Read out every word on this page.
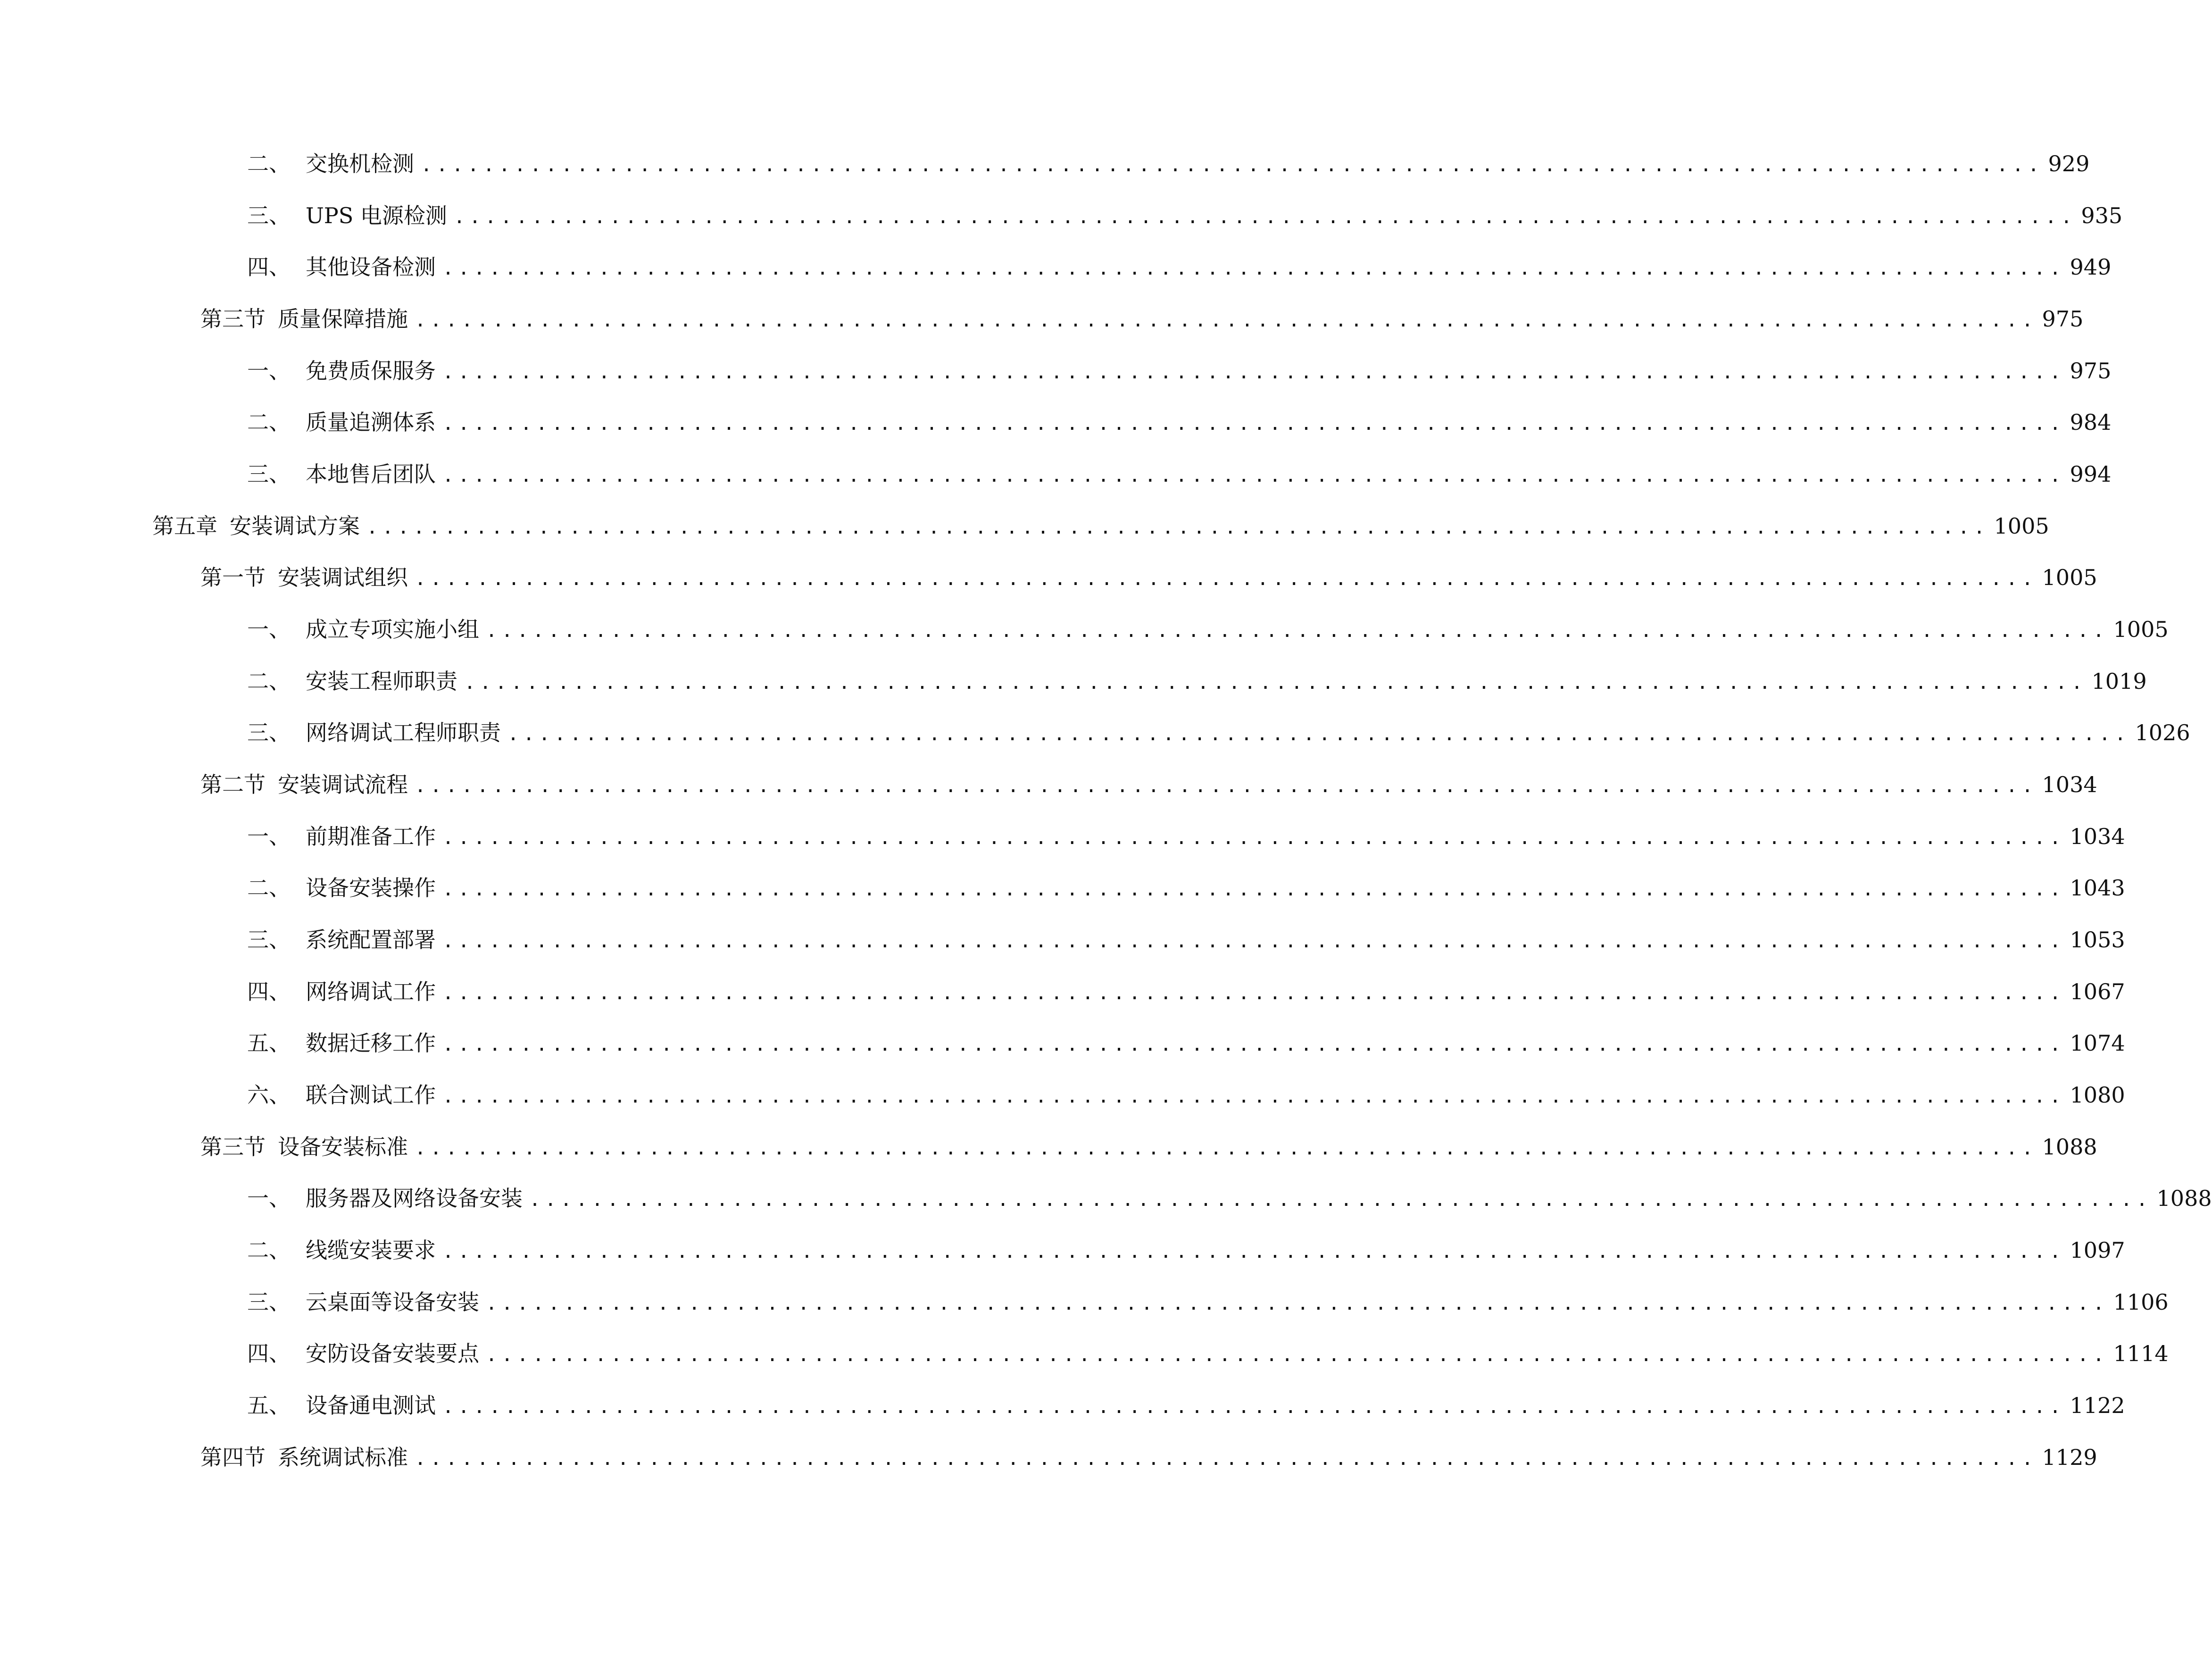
二、 交换机检测 ........................................................................................................ 929
三、 UPS 电源检测 ........................................................................................................ 935
四、 其他设备检测 ........................................................................................................ 949
第三节 质量保障措施 ........................................................................................................ 975
一、 免费质保服务 ........................................................................................................ 975
二、 质量追溯体系 ........................................................................................................ 984
三、 本地售后团队 ........................................................................................................ 994
第五章 安装调试方案 ........................................................................................................ 1005
第一节 安装调试组织 ........................................................................................................ 1005
一、 成立专项实施小组 ........................................................................................................ 1005
二、 安装工程师职责 ........................................................................................................ 1019
三、 网络调试工程师职责 ........................................................................................................ 1026
第二节 安装调试流程 ........................................................................................................ 1034
一、 前期准备工作 ........................................................................................................ 1034
二、 设备安装操作 ........................................................................................................ 1043
三、 系统配置部署 ........................................................................................................ 1053
四、 网络调试工作 ........................................................................................................ 1067
五、 数据迁移工作 ........................................................................................................ 1074
六、 联合测试工作 ........................................................................................................ 1080
第三节 设备安装标准 ........................................................................................................ 1088
一、 服务器及网络设备安装 ........................................................................................................ 1088
二、 线缆安装要求 ........................................................................................................ 1097
三、 云桌面等设备安装 ........................................................................................................ 1106
四、 安防设备安装要点 ........................................................................................................ 1114
五、 设备通电测试 ........................................................................................................ 1122
第四节 系统调试标准 ........................................................................................................ 1129
